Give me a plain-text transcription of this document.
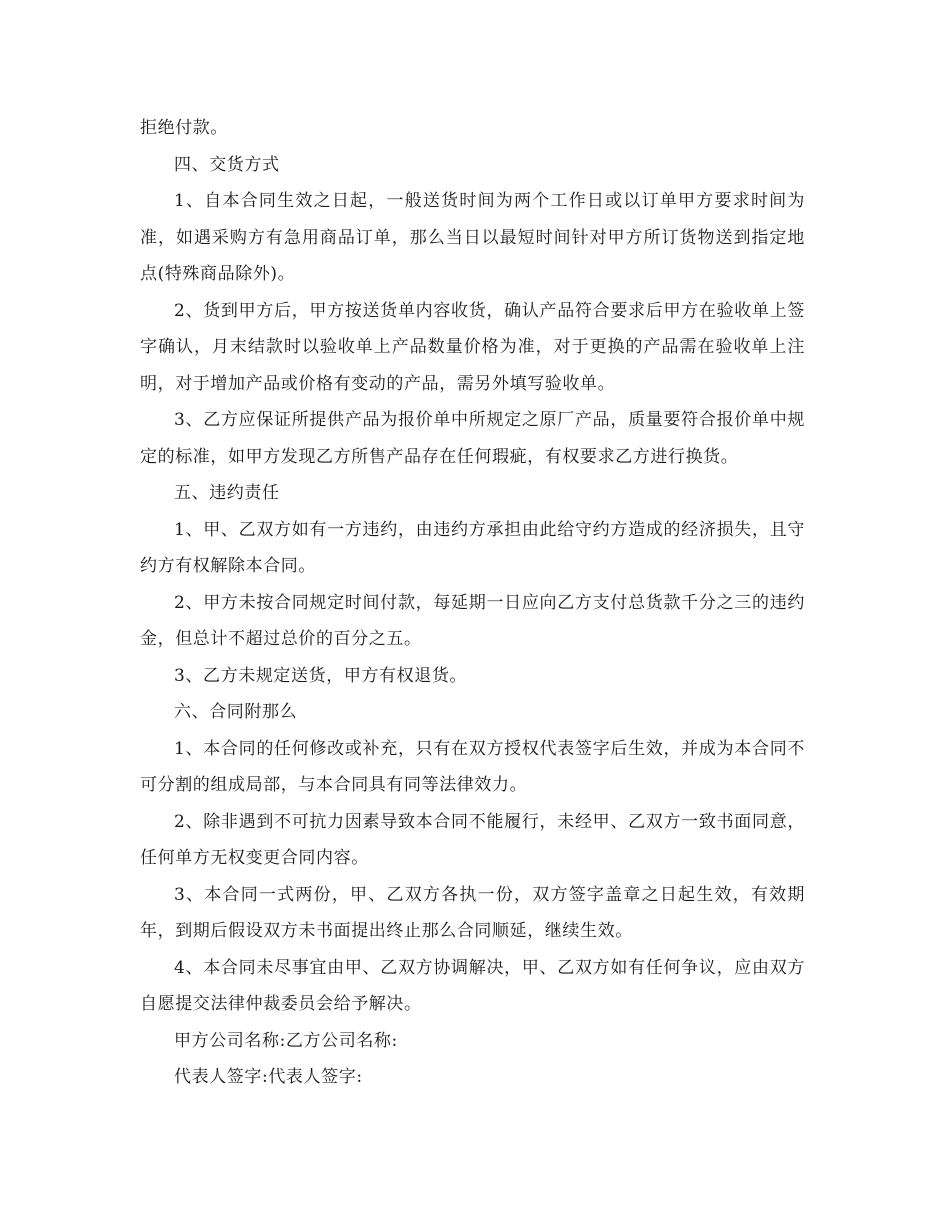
拒绝付款。

四、交货方式

1、自本合同生效之日起，一般送货时间为两个工作日或以订单甲方要求时间为准，如遇采购方有急用商品订单，那么当日以最短时间针对甲方所订货物送到指定地点(特殊商品除外)。

2、货到甲方后，甲方按送货单内容收货，确认产品符合要求后甲方在验收单上签字确认，月末结款时以验收单上产品数量价格为准，对于更换的产品需在验收单上注明，对于增加产品或价格有变动的产品，需另外填写验收单。

3、乙方应保证所提供产品为报价单中所规定之原厂产品，质量要符合报价单中规定的标准，如甲方发现乙方所售产品存在任何瑕疵，有权要求乙方进行换货。

五、违约责任

1、甲、乙双方如有一方违约，由违约方承担由此给守约方造成的经济损失，且守约方有权解除本合同。

2、甲方未按合同规定时间付款，每延期一日应向乙方支付总货款千分之三的违约金，但总计不超过总价的百分之五。

3、乙方未规定送货，甲方有权退货。

六、合同附那么

1、本合同的任何修改或补充，只有在双方授权代表签字后生效，并成为本合同不可分割的组成局部，与本合同具有同等法律效力。

2、除非遇到不可抗力因素导致本合同不能履行，未经甲、乙双方一致书面同意，任何单方无权变更合同内容。

3、本合同一式两份，甲、乙双方各执一份，双方签字盖章之日起生效，有效期年，到期后假设双方未书面提出终止那么合同顺延，继续生效。

4、本合同未尽事宜由甲、乙双方协调解决，甲、乙双方如有任何争议，应由双方自愿提交法律仲裁委员会给予解决。

甲方公司名称:乙方公司名称:

代表人签字:代表人签字:
